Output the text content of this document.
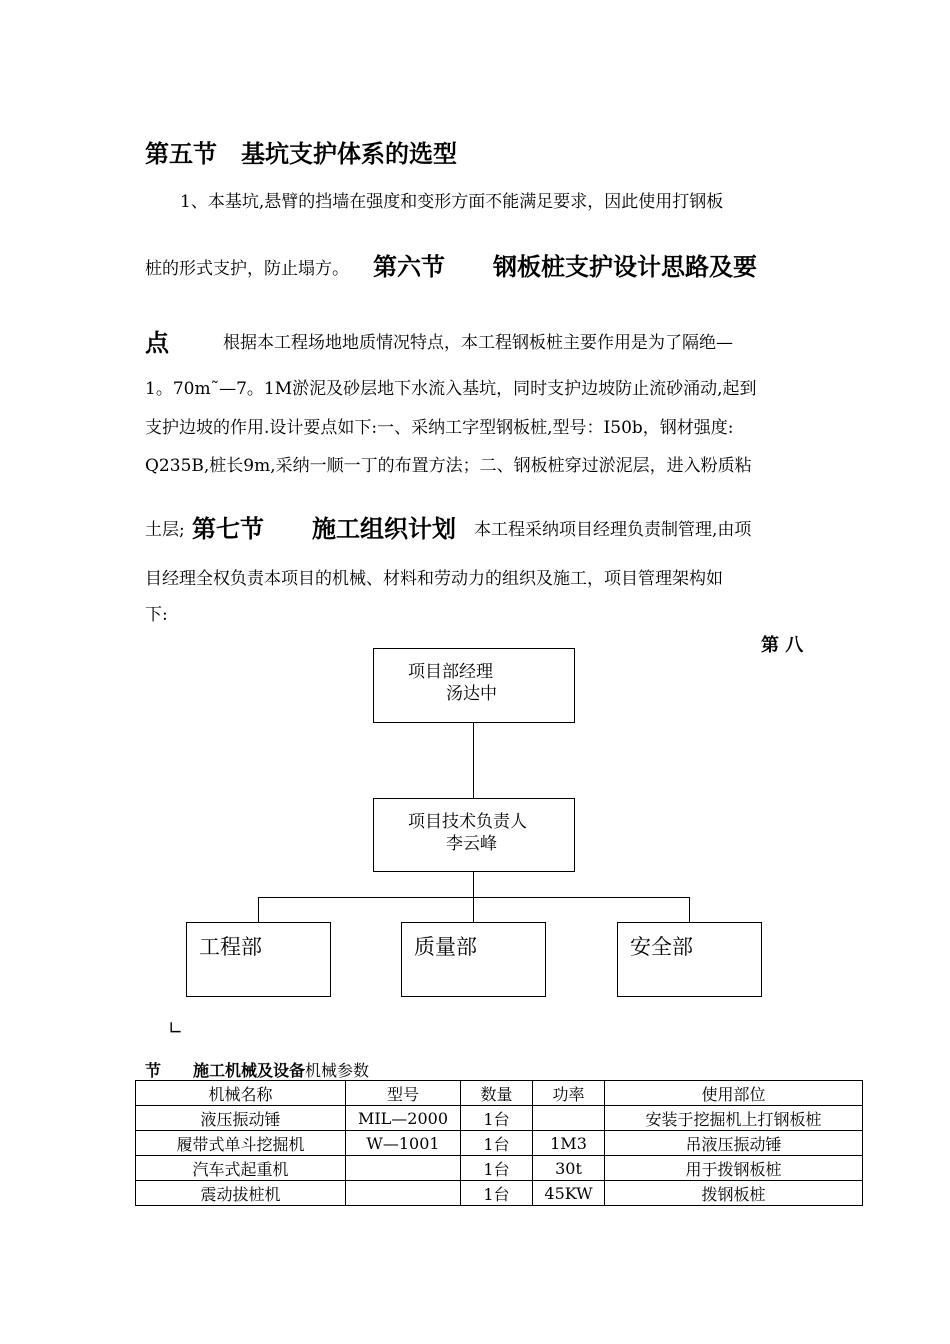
第五节　基坑支护体系的选型
1、本基坑,悬臂的挡墙在强度和变形方面不能满足要求，因此使用打钢板
桩的形式支护，防止塌方。 第六节　　钢板桩支护设计思路及要
点	根据本工程场地地质情况特点，本工程钢板桩主要作用是为了隔绝—
1。70m˜—7。1M淤泥及砂层地下水流入基坑，同时支护边坡防止流砂涌动,起到
支护边坡的作用.设计要点如下:一、采纳工字型钢板桩,型号：I50b，钢材强度:
Q235B,桩长9m,采纳一顺一丁的布置方法；二、钢板桩穿过淤泥层，进入粉质粘
土层; 第七节　　施工组织计划 本工程采纳项目经理负责制管理,由项
目经理全权负责本项目的机械、材料和劳动力的组织及施工，项目管理架构如
下:
第 八
项目部经理
汤达中
项目技术负责人
李云峰
工程部	质量部	安全部
∟
节　　施工机械及设备机械参数
机械名称	型号	数量	功率	使用部位
液压振动锤	MIL—2000	1台		安装于挖掘机上打钢板桩
履带式单斗挖掘机	W—1001	1台	1M3	吊液压振动锤
汽车式起重机		1台	30t	用于拨钢板桩
震动拔桩机		1台	45KW	拨钢板桩
